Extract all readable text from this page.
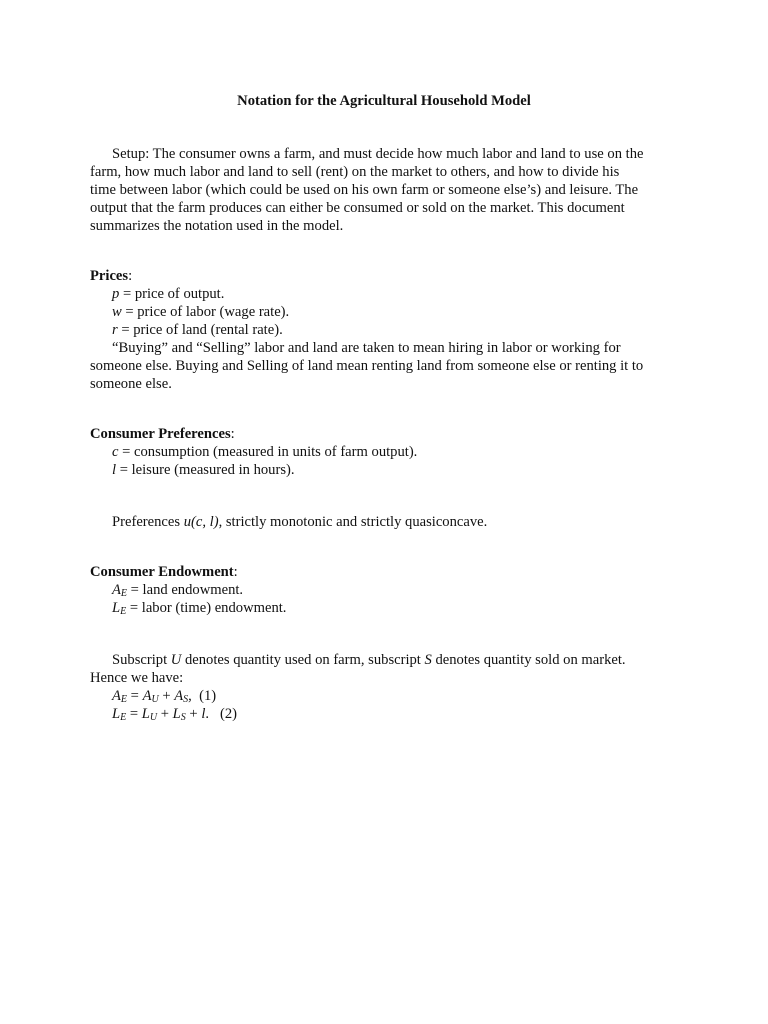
Notation for the Agricultural Household Model
Setup: The consumer owns a farm, and must decide how much labor and land to use on the
farm, how much labor and land to sell (rent) on the market to others, and how to divide his
time between labor (which could be used on his own farm or someone else’s) and leisure. The
output that the farm produces can either be consumed or sold on the market. This document
summarizes the notation used in the model.
Prices:
p = price of output.
w = price of labor (wage rate).
r = price of land (rental rate).
“Buying” and “Selling” labor and land are taken to mean hiring in labor or working for
someone else. Buying and Selling of land mean renting land from someone else or renting it to
someone else.
Consumer Preferences:
c = consumption (measured in units of farm output).
l = leisure (measured in hours).
Preferences u(c, l), strictly monotonic and strictly quasiconcave.
Consumer Endowment:
$A_E$ = land endowment.
$L_E$ = labor (time) endowment.
Subscript U denotes quantity used on farm, subscript S denotes quantity sold on market.
Hence we have:
$A_E = A_U + A_S$,  (1)
$L_E = L_U + L_S + l$.   (2)
